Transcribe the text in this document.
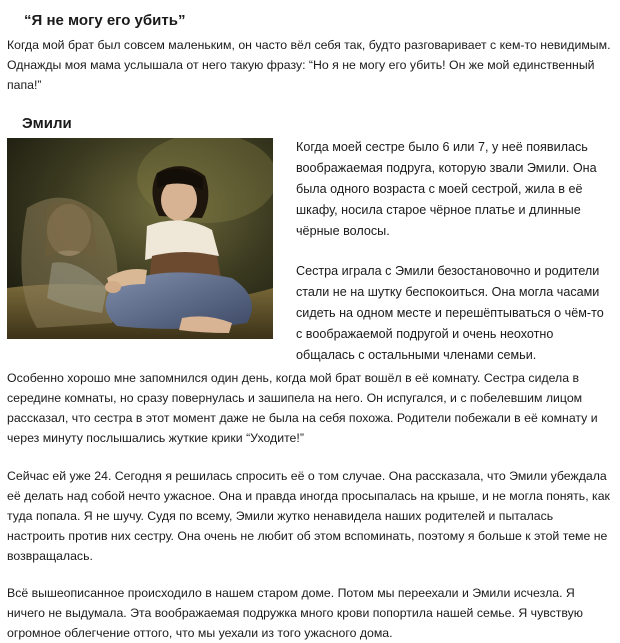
“Я не могу его убить”

Когда мой брат был совсем маленьким, он часто вёл себя так, будто разговаривает с кем-то невидимым. Однажды моя мама услышала от него такую фразу: “Но я не могу его убить! Он же мой единственный папа!”

Эмили

Когда моей сестре было 6 или 7, у неё появилась воображаемая подруга, которую звали Эмили. Она была одного возраста с моей сестрой, жила в её шкафу, носила старое чёрное платье и длинные чёрные волосы.

Сестра играла с Эмили безостановочно и родители стали не на шутку беспокоиться. Она могла часами сидеть на одном месте и перешёптываться о чём-то с воображаемой подругой и очень неохотно общалась с остальными членами семьи.

Особенно хорошо мне запомнился один день, когда мой брат вошёл в её комнату. Сестра сидела в середине комнаты, но сразу повернулась и зашипела на него. Он испугался, и с побелевшим лицом рассказал, что сестра в этот момент даже не была на себя похожа. Родители побежали в её комнату и через минуту послышались жуткие крики “Уходите!”

Сейчас ей уже 24. Сегодня я решилась спросить её о том случае. Она рассказала, что Эмили убеждала её делать над собой нечто ужасное. Она и правда иногда просыпалась на крыше, и не могла понять, как туда попала. Я не шучу. Судя по всему, Эмили жутко ненавидела наших родителей и пыталась настроить против них сестру. Она очень не любит об этом вспоминать, поэтому я больше к этой теме не возвращалась.

Всё вышеописанное происходило в нашем старом доме. Потом мы переехали и Эмили исчезла. Я ничего не выдумала. Эта воображаемая подружка много крови попортила нашей семье. Я чувствую огромное облегчение оттого, что мы уехали из того ужасного дома.
